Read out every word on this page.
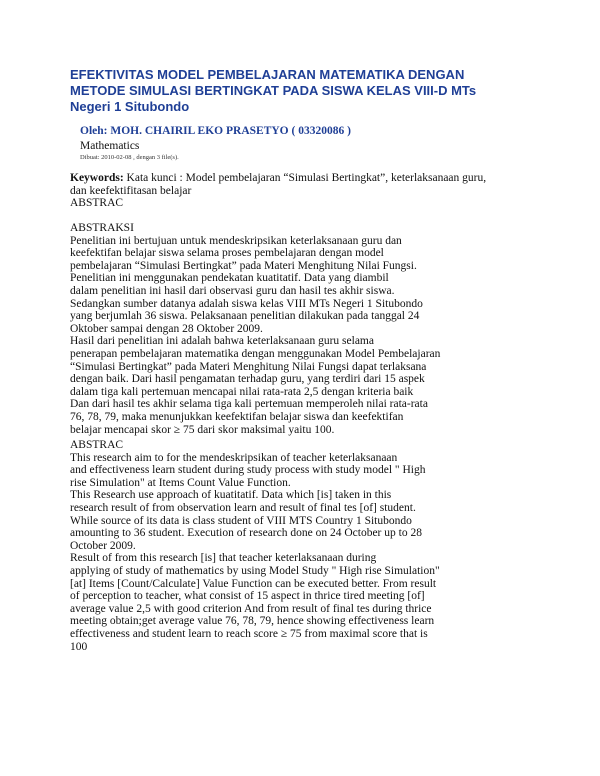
EFEKTIVITAS MODEL PEMBELAJARAN MATEMATIKA DENGAN
METODE SIMULASI BERTINGKAT PADA SISWA KELAS VIII-D MTs
Negeri 1 Situbondo
Oleh: MOH. CHAIRIL EKO PRASETYO ( 03320086 )
Mathematics
Dibuat: 2010-02-08 , dengan 3 file(s).
Keywords: Kata kunci : Model pembelajaran “Simulasi Bertingkat”, keterlaksanaan guru,
dan keefektifitasan belajar
ABSTRAC
ABSTRAKSI
Penelitian ini bertujuan untuk mendeskripsikan keterlaksanaan guru dan
keefektifan belajar siswa selama proses pembelajaran dengan model
pembelajaran “Simulasi Bertingkat” pada Materi Menghitung Nilai Fungsi.
Penelitian ini menggunakan pendekatan kuatitatif. Data yang diambil
dalam penelitian ini hasil dari observasi guru dan hasil tes akhir siswa.
Sedangkan sumber datanya adalah siswa kelas VIII MTs Negeri 1 Situbondo
yang berjumlah 36 siswa. Pelaksanaan penelitian dilakukan pada tanggal 24
Oktober sampai dengan 28 Oktober 2009.
Hasil dari penelitian ini adalah bahwa keterlaksanaan guru selama
penerapan pembelajaran matematika dengan menggunakan Model Pembelajaran
“Simulasi Bertingkat” pada Materi Menghitung Nilai Fungsi dapat terlaksana
dengan baik. Dari hasil pengamatan terhadap guru, yang terdiri dari 15 aspek
dalam tiga kali pertemuan mencapai nilai rata-rata 2,5 dengan kriteria baik
Dan dari hasil tes akhir selama tiga kali pertemuan memperoleh nilai rata-rata
76, 78, 79, maka menunjukkan keefektifan belajar siswa dan keefektifan
belajar mencapai skor ≥ 75 dari skor maksimal yaitu 100.
ABSTRAC
This research aim to for the mendeskripsikan of teacher keterlaksanaan
and effectiveness learn student during study process with study model " High
rise Simulation" at Items Count Value Function.
This Research use approach of kuatitatif. Data which [is] taken in this
research result of from observation learn and result of final tes [of] student.
While source of its data is class student of VIII MTS Country 1 Situbondo
amounting to 36 student. Execution of research done on 24 October up to 28
October 2009.
Result of from this research [is] that teacher keterlaksanaan during
applying of study of mathematics by using Model Study " High rise Simulation"
[at] Items [Count/Calculate] Value Function can be executed better. From result
of perception to teacher, what consist of 15 aspect in thrice tired meeting [of]
average value 2,5 with good criterion And from result of final tes during thrice
meeting obtain;get average value 76, 78, 79, hence showing effectiveness learn
effectiveness and student learn to reach score ≥ 75 from maximal score that is
100
